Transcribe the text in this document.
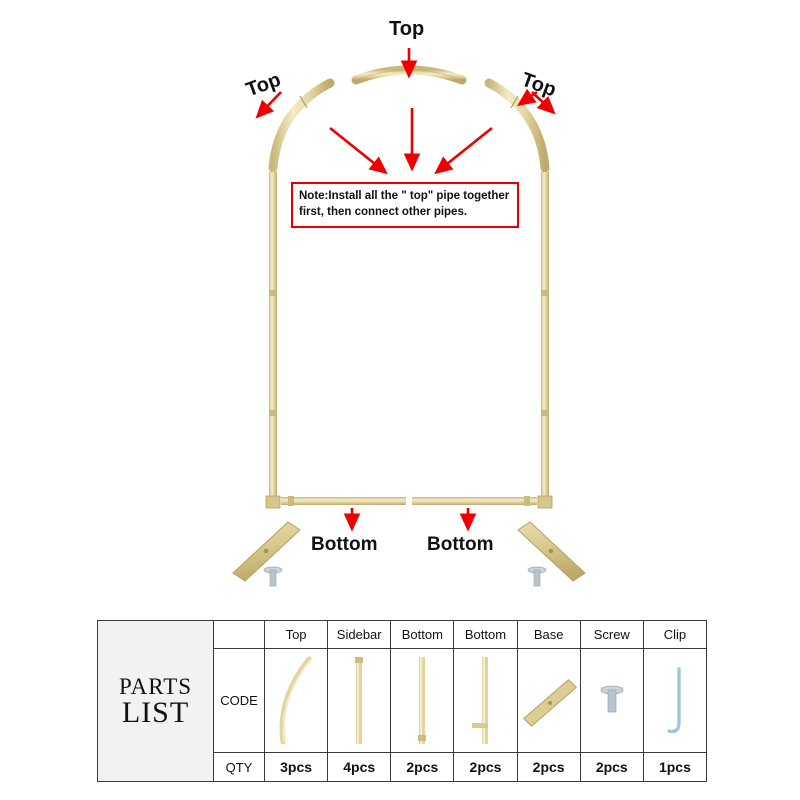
Top
Top	Top
Bottom	Bottom
Note:Install all the " top" pipe together first, then connect other pipes.
PARTS
LIST		Top	Sidebar	Bottom	Bottom	Base	Screw	Clip
	CODE	

	QTY	3pcs	4pcs	2pcs	2pcs	2pcs	2pcs	1pcs
